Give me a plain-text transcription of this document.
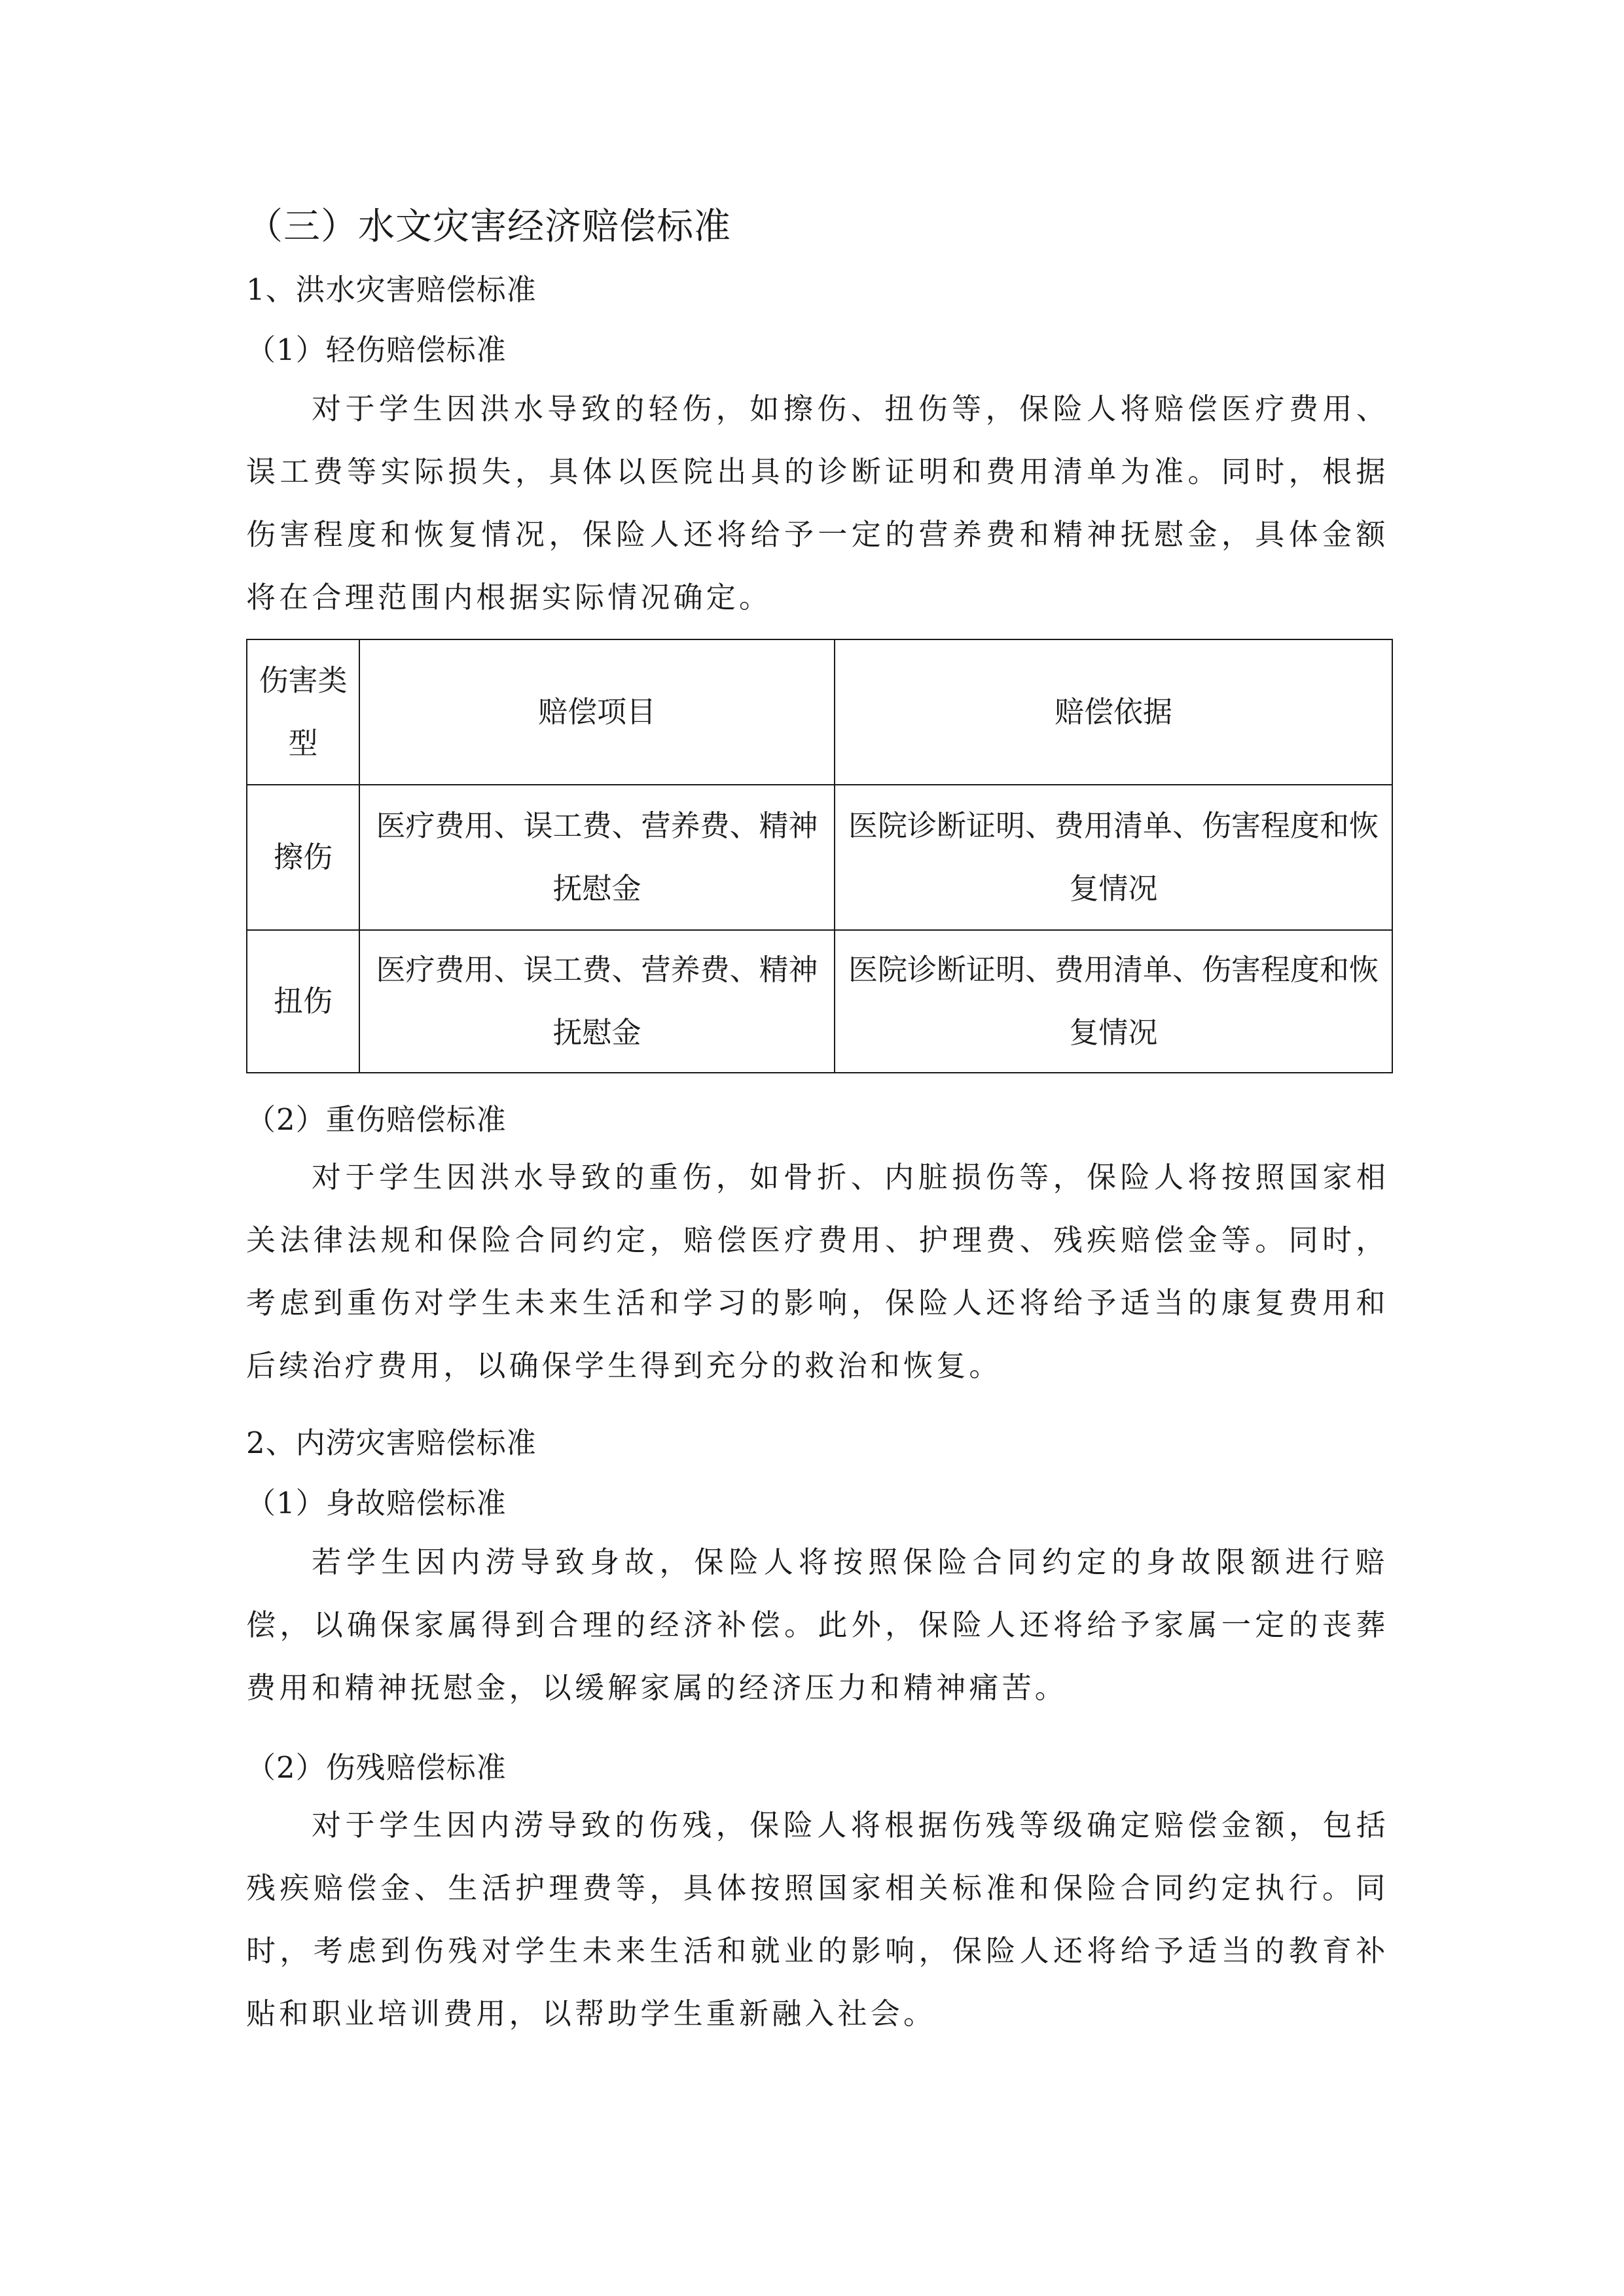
（三）水文灾害经济赔偿标准

1、洪水灾害赔偿标准

（1）轻伤赔偿标准

对于学生因洪水导致的轻伤，如擦伤、扭伤等，保险人将赔偿医疗费用、

误工费等实际损失，具体以医院出具的诊断证明和费用清单为准。同时，根据

伤害程度和恢复情况，保险人还将给予一定的营养费和精神抚慰金，具体金额

将在合理范围内根据实际情况确定。

伤害类型	赔偿项目	赔偿依据

擦伤	医疗费用、误工费、营养费、精神抚慰金	医院诊断证明、费用清单、伤害程度和恢复情况

扭伤	医疗费用、误工费、营养费、精神抚慰金	医院诊断证明、费用清单、伤害程度和恢复情况

（2）重伤赔偿标准

对于学生因洪水导致的重伤，如骨折、内脏损伤等，保险人将按照国家相

关法律法规和保险合同约定，赔偿医疗费用、护理费、残疾赔偿金等。同时，

考虑到重伤对学生未来生活和学习的影响，保险人还将给予适当的康复费用和

后续治疗费用，以确保学生得到充分的救治和恢复。

2、内涝灾害赔偿标准

（1）身故赔偿标准

若学生因内涝导致身故，保险人将按照保险合同约定的身故限额进行赔

偿，以确保家属得到合理的经济补偿。此外，保险人还将给予家属一定的丧葬

费用和精神抚慰金，以缓解家属的经济压力和精神痛苦。

（2）伤残赔偿标准

对于学生因内涝导致的伤残，保险人将根据伤残等级确定赔偿金额，包括

残疾赔偿金、生活护理费等，具体按照国家相关标准和保险合同约定执行。同

时，考虑到伤残对学生未来生活和就业的影响，保险人还将给予适当的教育补

贴和职业培训费用，以帮助学生重新融入社会。
